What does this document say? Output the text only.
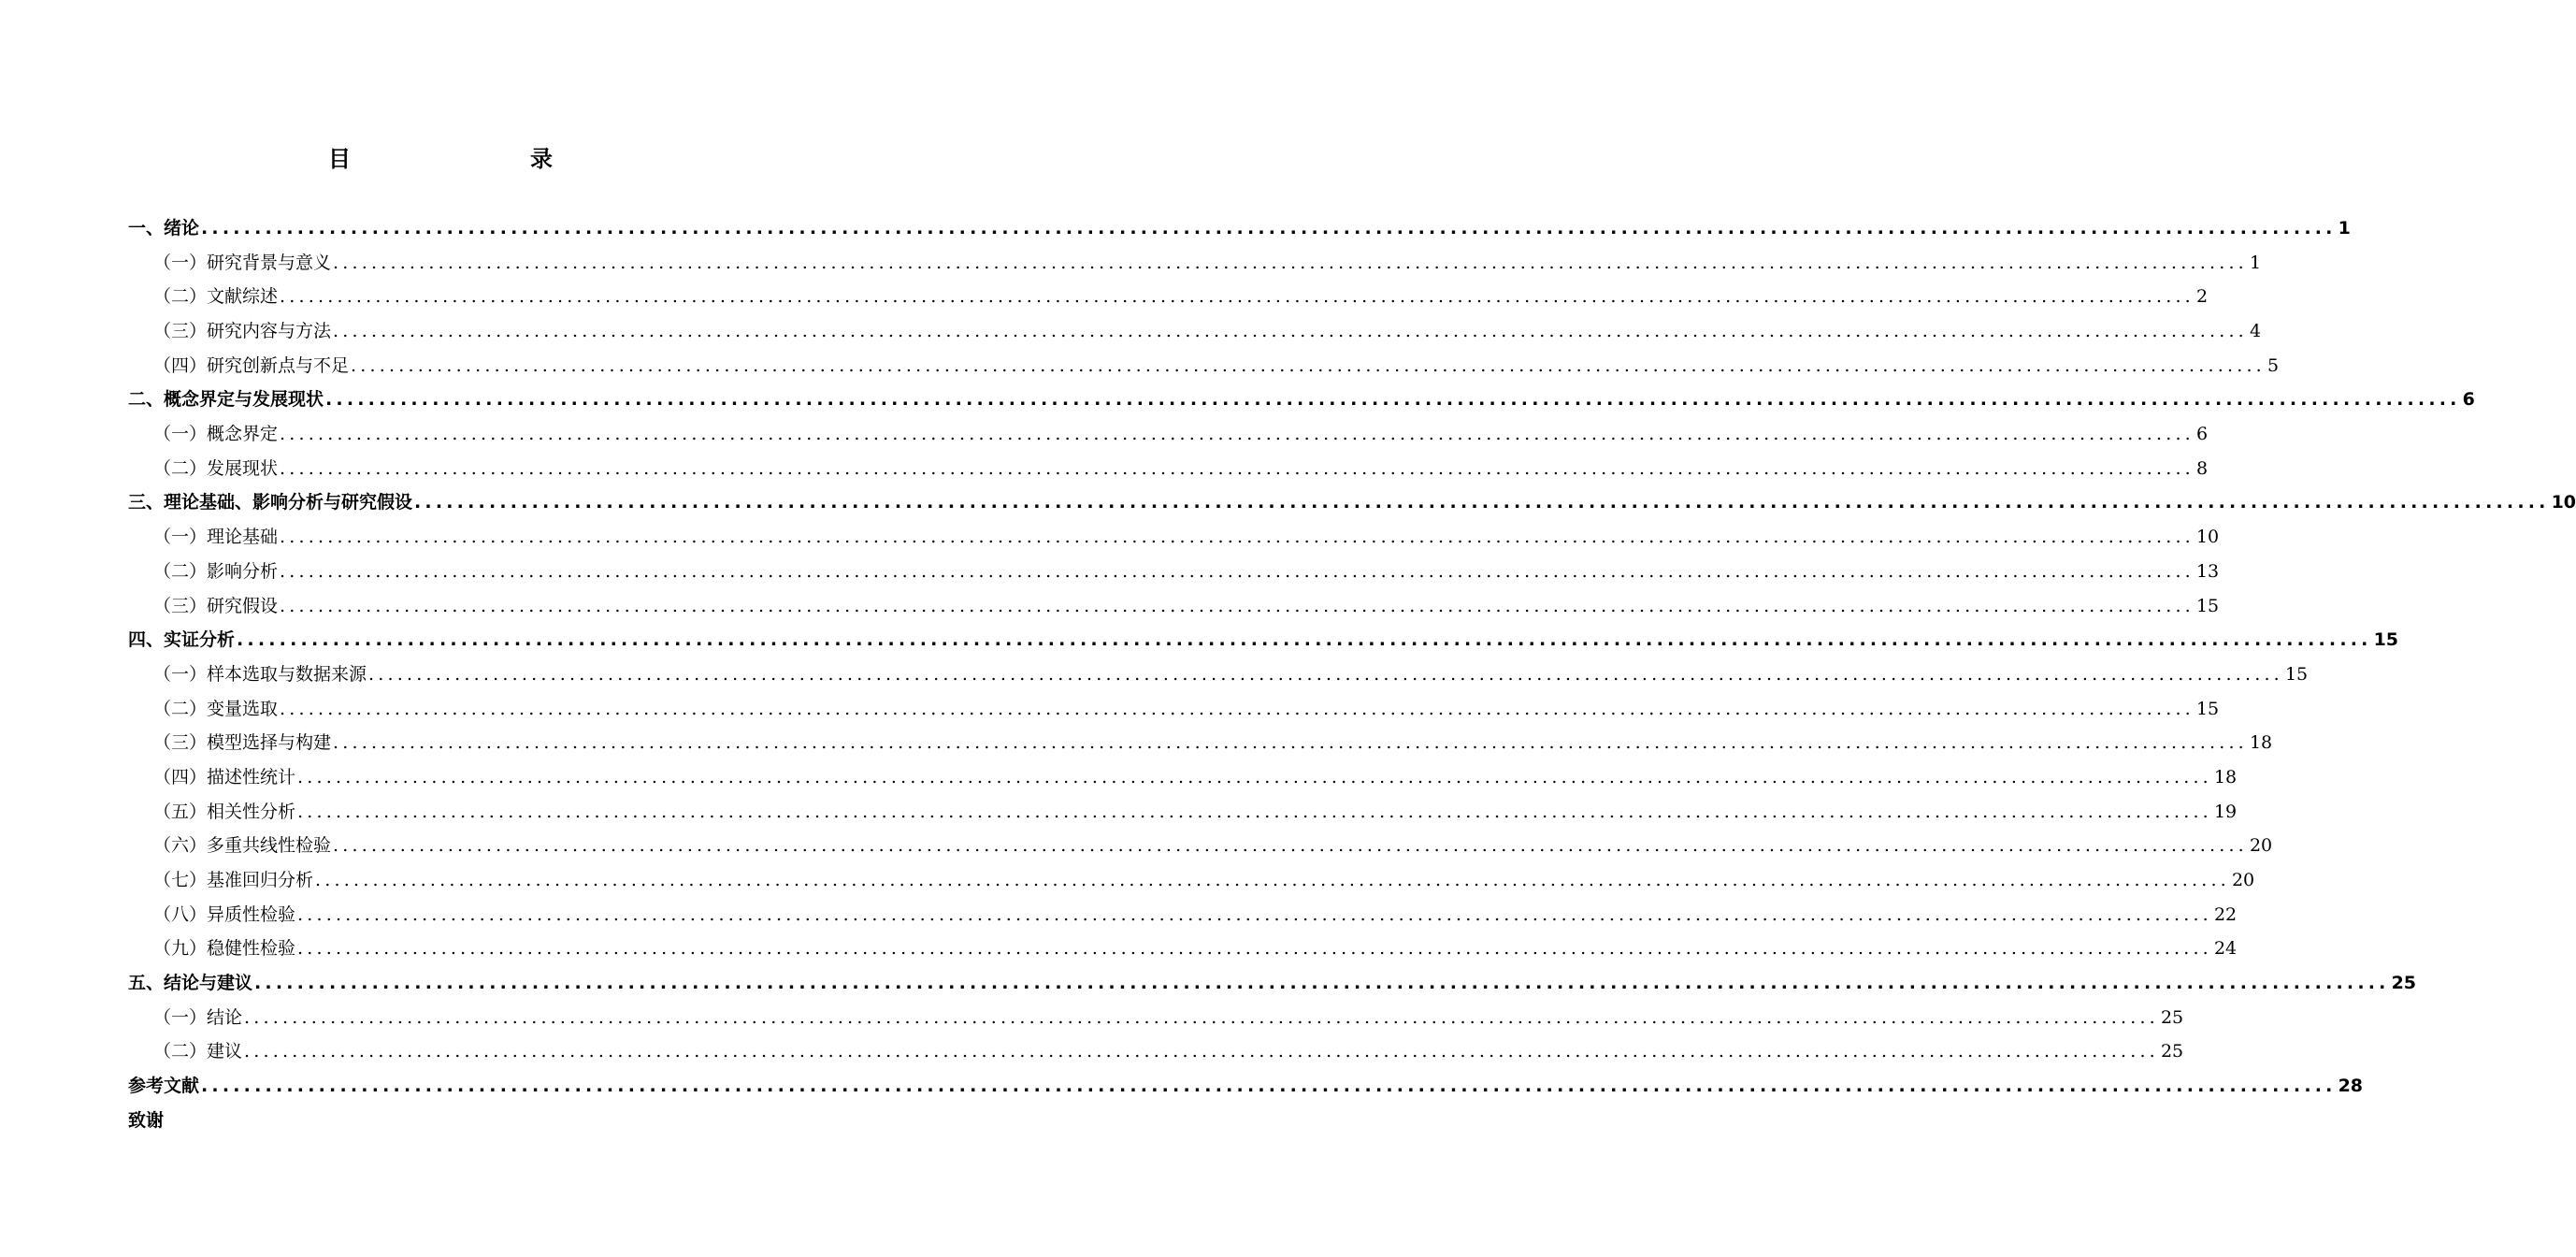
目　　录
一、绪论 ........................................................................................................................................................................................................ 1
（一）研究背景与意义 ........................................................................................................................................................................................................ 1
（二）文献综述 ........................................................................................................................................................................................................ 2
（三）研究内容与方法 ........................................................................................................................................................................................................ 4
（四）研究创新点与不足 ........................................................................................................................................................................................................ 5
二、概念界定与发展现状 ........................................................................................................................................................................................................ 6
（一）概念界定 ........................................................................................................................................................................................................ 6
（二）发展现状 ........................................................................................................................................................................................................ 8
三、理论基础、影响分析与研究假设 ........................................................................................................................................................................................................ 10
（一）理论基础 ........................................................................................................................................................................................................ 10
（二）影响分析 ........................................................................................................................................................................................................ 13
（三）研究假设 ........................................................................................................................................................................................................ 15
四、实证分析 ........................................................................................................................................................................................................ 15
（一）样本选取与数据来源 ........................................................................................................................................................................................................ 15
（二）变量选取 ........................................................................................................................................................................................................ 15
（三）模型选择与构建 ........................................................................................................................................................................................................ 18
（四）描述性统计 ........................................................................................................................................................................................................ 18
（五）相关性分析 ........................................................................................................................................................................................................ 19
（六）多重共线性检验 ........................................................................................................................................................................................................ 20
（七）基准回归分析 ........................................................................................................................................................................................................ 20
（八）异质性检验 ........................................................................................................................................................................................................ 22
（九）稳健性检验 ........................................................................................................................................................................................................ 24
五、结论与建议 ........................................................................................................................................................................................................ 25
（一）结论 ........................................................................................................................................................................................................ 25
（二）建议 ........................................................................................................................................................................................................ 25
参考文献 ........................................................................................................................................................................................................ 28
致谢
